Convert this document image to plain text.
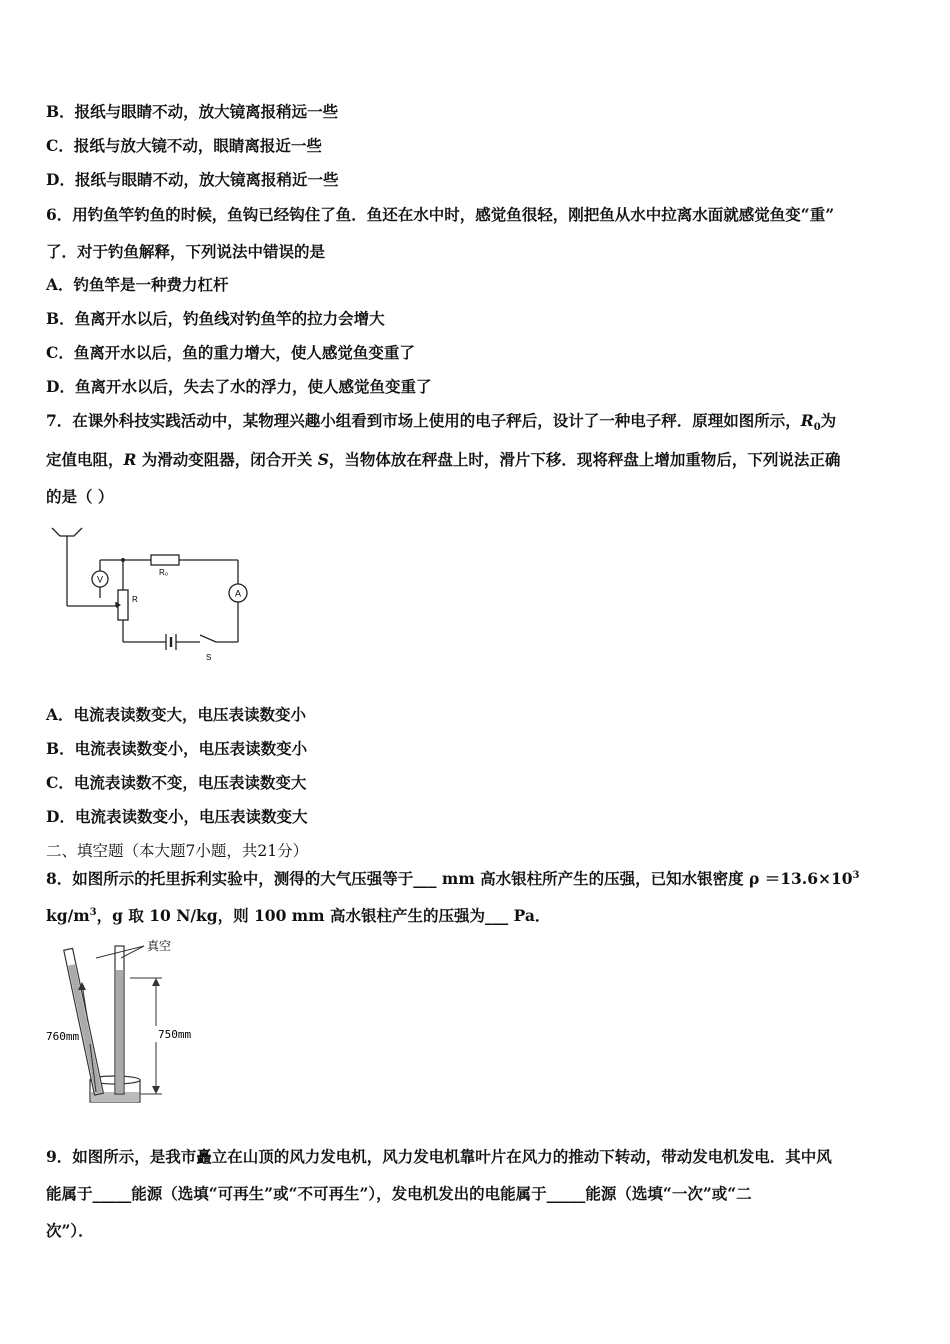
B．报纸与眼睛不动，放大镜离报稍远一些
C．报纸与放大镜不动，眼睛离报近一些
D．报纸与眼睛不动，放大镜离报稍近一些
6．用钓鱼竿钓鱼的时候，鱼钩已经钩住了鱼．鱼还在水中时，感觉鱼很轻，刚把鱼从水中拉离水面就感觉鱼变“重”
了．对于钓鱼解释，下列说法中错误的是
A．钓鱼竿是一种费力杠杆
B．鱼离开水以后，钓鱼线对钓鱼竿的拉力会增大
C．鱼离开水以后，鱼的重力增大，使人感觉鱼变重了
D．鱼离开水以后，失去了水的浮力，使人感觉鱼变重了
7．在课外科技实践活动中，某物理兴趣小组看到市场上使用的电子秤后，设计了一种电子秤．原理如图所示，$R_0$为
定值电阻，R 为滑动变阻器，闭合开关 S，当物体放在秤盘上时，滑片下移．现将秤盘上增加重物后，下列说法正确
的是（ ）
V
A
R₀
R
S
A．电流表读数变大，电压表读数变小
B．电流表读数变小，电压表读数变小
C．电流表读数不变，电压表读数变大
D．电流表读数变小，电压表读数变大
二、填空题（本大题7小题，共21分）
8．如图所示的托里拆利实验中，测得的大气压强等于___ mm 高水银柱所产生的压强，已知水银密度 $\rho =13.6\times 10^3$
$kg/m^3$，g 取 10 N/kg，则 100 mm 高水银柱产生的压强为___ Pa．
真空
760mm	750mm
9．如图所示，是我市矗立在山顶的风力发电机，风力发电机靠叶片在风力的推动下转动，带动发电机发电．其中风
能属于_____能源（选填“可再生”或“不可再生”），发电机发出的电能属于_____能源（选填“一次”或“二
次”）．
